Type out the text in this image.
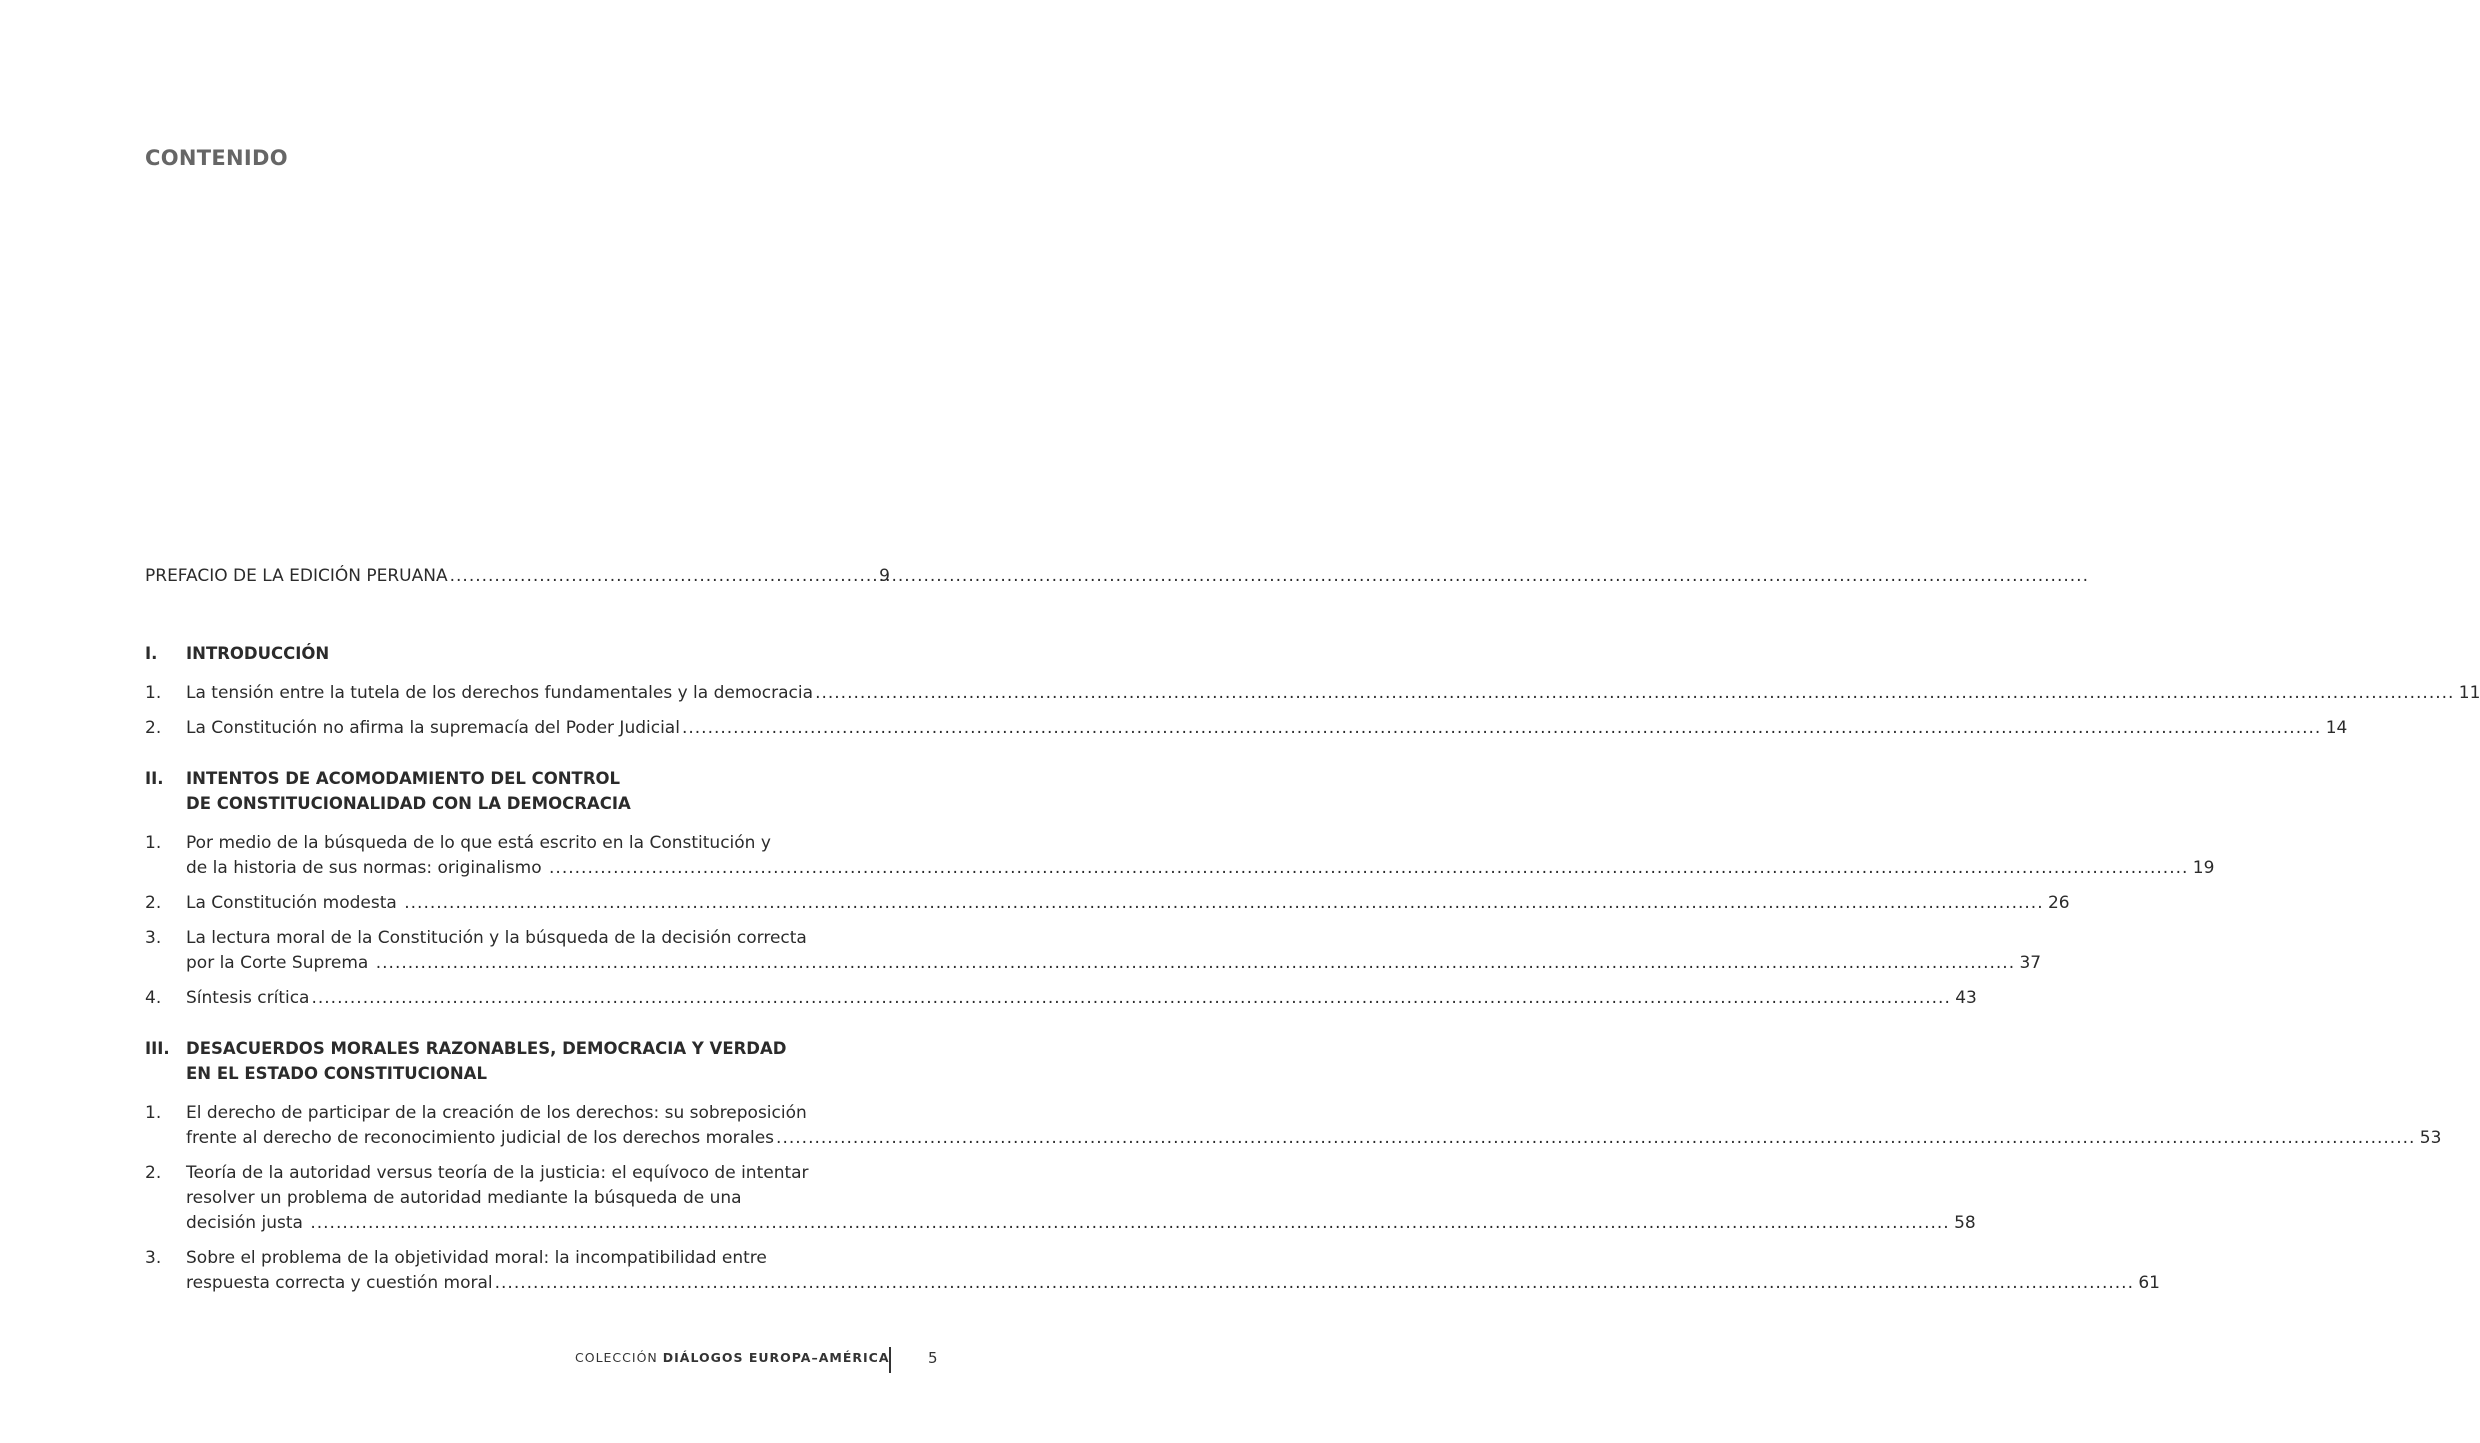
CONTENIDO
PREFACIO DE LA EDICIÓN PERUANA .....	9
I.	INTRODUCCIÓN
1.	La tensión entre la tutela de los derechos fundamentales y la democracia .....	11
2.	La Constitución no afirma la supremacía del Poder Judicial .....	14
II.	INTENTOS DE ACOMODAMIENTO DEL CONTROL
DE CONSTITUCIONALIDAD CON LA DEMOCRACIA
1.	Por medio de la búsqueda de lo que está escrito en la Constitución y
de la historia de sus normas: originalismo .....	19
2.	La Constitución modesta .....	26
3.	La lectura moral de la Constitución y la búsqueda de la decisión correcta
por la Corte Suprema .....	37
4.	Síntesis crítica .....	43
III. DESACUERDOS MORALES RAZONABLES, DEMOCRACIA Y VERDAD
EN EL ESTADO CONSTITUCIONAL
1.	El derecho de participar de la creación de los derechos: su sobreposición
frente al derecho de reconocimiento judicial de los derechos morales .....	53
2.	Teoría de la autoridad versus teoría de la justicia: el equívoco de intentar
resolver un problema de autoridad mediante la búsqueda de una
decisión justa .....	58
3.	Sobre el problema de la objetividad moral: la incompatibilidad entre
respuesta correcta y cuestión moral .....	61
COLECCIÓN DIÁLOGOS EUROPA–AMÉRICA	5
